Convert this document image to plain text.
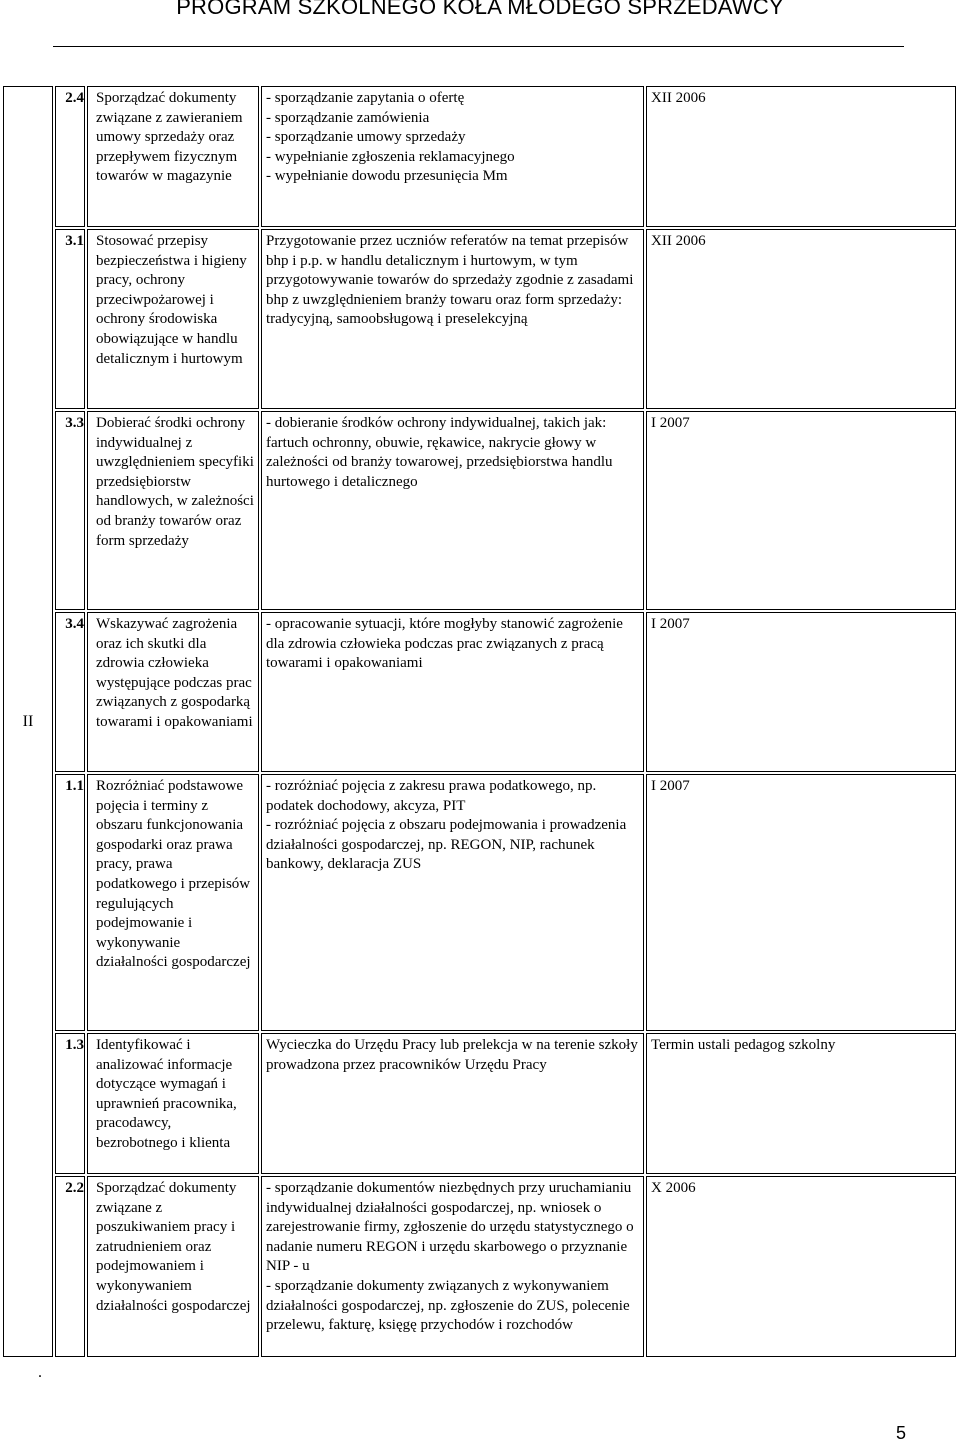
PROGRAM SZKOLNEGO KOŁA MŁODEGO SPRZEDAWCY
II	2.4	Sporządzać dokumenty związane z zawieraniem umowy sprzedaży oraz przepływem fizycznym towarów w magazynie	- sporządzanie zapytania o ofertę
- sporządzanie zamówienia
- sporządzanie umowy sprzedaży
- wypełnianie zgłoszenia reklamacyjnego
- wypełnianie dowodu przesunięcia Mm	XII 2006
	3.1	Stosować przepisy bezpieczeństwa i higieny pracy, ochrony przeciwpożarowej i ochrony środowiska obowiązujące w handlu detalicznym i hurtowym	Przygotowanie przez uczniów referatów na temat przepisów bhp i p.p. w handlu detalicznym i hurtowym, w tym przygotowywanie towarów do sprzedaży zgodnie z zasadami bhp z uwzględnieniem branży towaru oraz form sprzedaży: tradycyjną, samoobsługową i preselekcyjną	XII 2006
	3.3	Dobierać środki ochrony indywidualnej z uwzględnieniem specyfiki przedsiębiorstw handlowych, w zależności od branży towarów oraz form sprzedaży	- dobieranie środków ochrony indywidualnej, takich jak: fartuch ochronny, obuwie, rękawice, nakrycie głowy w zależności od branży towarowej, przedsiębiorstwa handlu hurtowego i detalicznego	I 2007
	3.4	Wskazywać zagrożenia oraz ich skutki dla zdrowia człowieka występujące podczas prac związanych z gospodarką towarami i opakowaniami	- opracowanie sytuacji, które mogłyby stanowić zagrożenie dla zdrowia człowieka podczas prac związanych z pracą towarami i opakowaniami	I 2007
	1.1	Rozróżniać podstawowe pojęcia i terminy z obszaru funkcjonowania gospodarki oraz prawa pracy, prawa podatkowego i przepisów regulujących podejmowanie i wykonywanie działalności gospodarczej	- rozróżniać pojęcia z zakresu prawa podatkowego, np. podatek dochodowy, akcyza, PIT
- rozróżniać pojęcia z obszaru podejmowania i prowadzenia działalności gospodarczej, np. REGON, NIP, rachunek bankowy, deklaracja ZUS	I 2007
	1.3	Identyfikować i analizować informacje dotyczące wymagań i uprawnień pracownika, pracodawcy, bezrobotnego i klienta	Wycieczka do Urzędu Pracy lub prelekcja w na terenie szkoły prowadzona przez pracowników Urzędu Pracy	Termin ustali pedagog szkolny
	2.2	Sporządzać dokumenty związane z poszukiwaniem pracy i zatrudnieniem oraz podejmowaniem i wykonywaniem działalności gospodarczej	- sporządzanie dokumentów niezbędnych przy uruchamianiu indywidualnej działalności gospodarczej, np. wniosek o zarejestrowanie firmy, zgłoszenie do urzędu statystycznego o nadanie numeru REGON i urzędu skarbowego o przyznanie NIP - u
- sporządzanie dokumenty związanych z wykonywaniem działalności gospodarczej, np. zgłoszenie do ZUS, polecenie przelewu, fakturę, księgę przychodów i rozchodów	X 2006
.
5
